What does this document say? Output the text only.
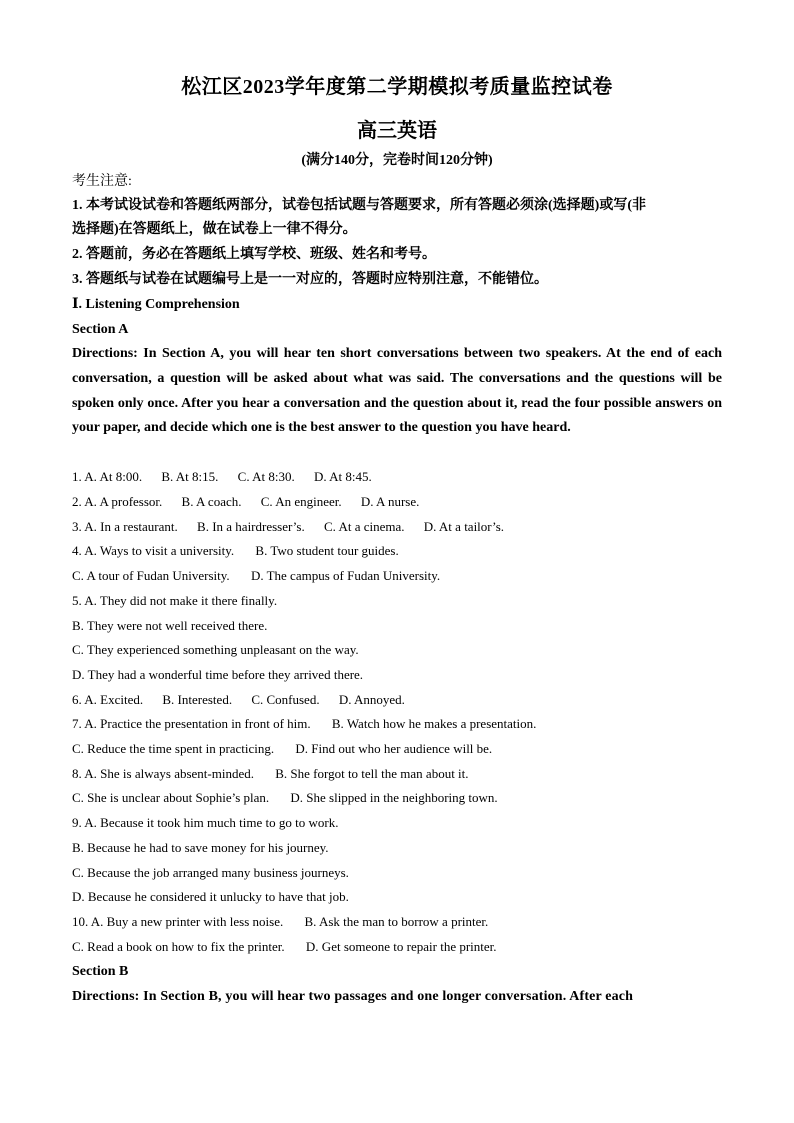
松江区2023学年度第二学期模拟考质量监控试卷
高三英语
(满分140分，完卷时间120分钟)
考生注意:
1. 本考试设试卷和答题纸两部分，试卷包括试题与答题要求，所有答题必须涂(选择题)或写(非
选择题)在答题纸上，做在试卷上一律不得分。
2. 答题前，务必在答题纸上填写学校、班级、姓名和考号。
3. 答题纸与试卷在试题编号上是一一对应的，答题时应特别注意，不能错位。
Ⅰ. Listening Comprehension
Section A
Directions: In Section A, you will hear ten short conversations between two speakers. At the end of each conversation, a question will be asked about what was said. The conversations and the questions will be spoken only once. After you hear a conversation and the question about it, read the four possible answers on your paper, and decide which one is the best answer to the question you have heard.
1. A. At 8:00. B. At 8:15. C. At 8:30. D. At 8:45.
2. A. A professor. B. A coach. C. An engineer. D. A nurse.
3. A. In a restaurant. B. In a hairdresser’s. C. At a cinema. D. At a tailor’s.
4. A. Ways to visit a university. B. Two student tour guides.
C. A tour of Fudan University. D. The campus of Fudan University.
5. A. They did not make it there finally.
B. They were not well received there.
C. They experienced something unpleasant on the way.
D. They had a wonderful time before they arrived there.
6. A. Excited. B. Interested. C. Confused. D. Annoyed.
7. A. Practice the presentation in front of him. B. Watch how he makes a presentation.
C. Reduce the time spent in practicing. D. Find out who her audience will be.
8. A. She is always absent-minded. B. She forgot to tell the man about it.
C. She is unclear about Sophie’s plan. D. She slipped in the neighboring town.
9. A. Because it took him much time to go to work.
B. Because he had to save money for his journey.
C. Because the job arranged many business journeys.
D. Because he considered it unlucky to have that job.
10. A. Buy a new printer with less noise. B. Ask the man to borrow a printer.
C. Read a book on how to fix the printer. D. Get someone to repair the printer.
Section B
Directions: In Section B, you will hear two passages and one longer conversation. After each
